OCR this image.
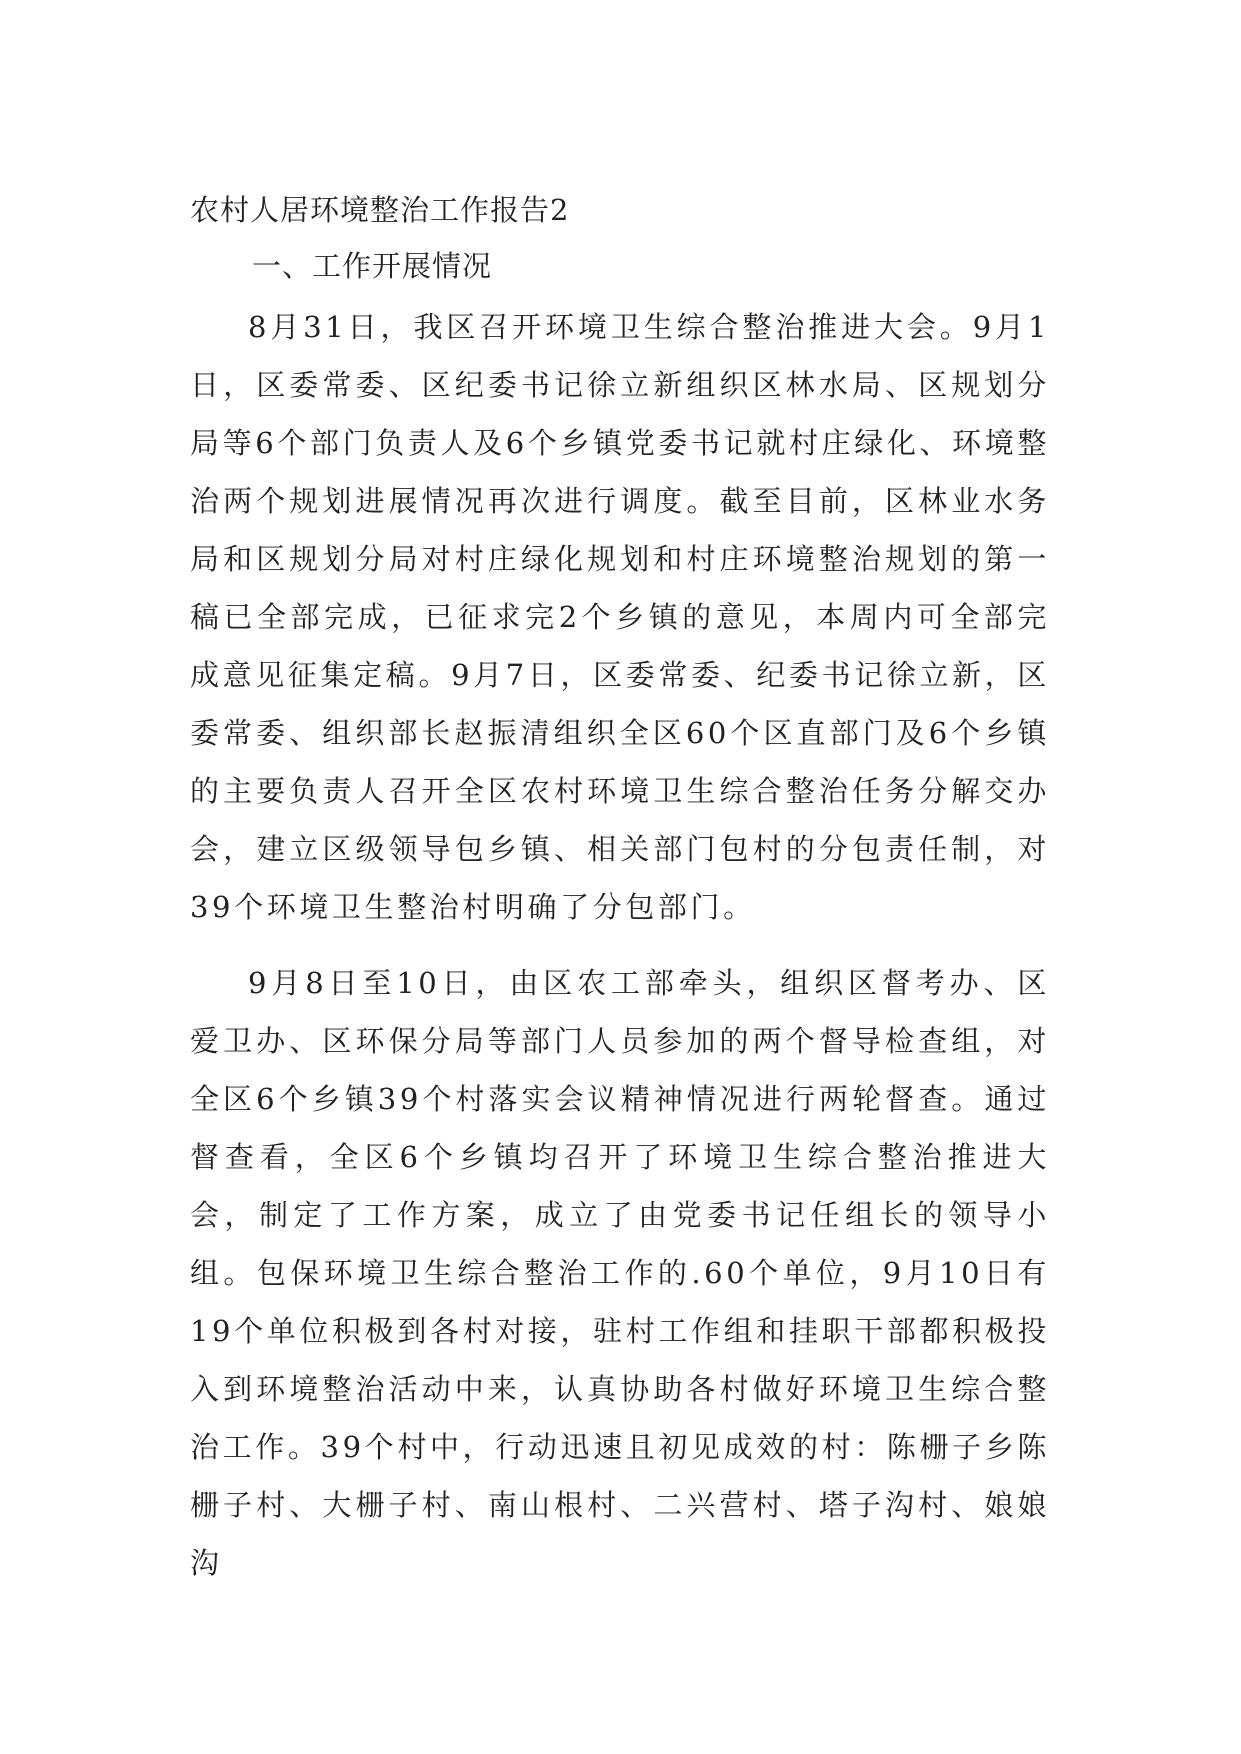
农村人居环境整治工作报告2
一、工作开展情况

8月31日，我区召开环境卫生综合整治推进大会。9月1日，区委常委、区纪委书记徐立新组织区林水局、区规划分局等6个部门负责人及6个乡镇党委书记就村庄绿化、环境整治两个规划进展情况再次进行调度。截至目前，区林业水务局和区规划分局对村庄绿化规划和村庄环境整治规划的第一稿已全部完成，已征求完2个乡镇的意见，本周内可全部完成意见征集定稿。9月7日，区委常委、纪委书记徐立新，区委常委、组织部长赵振清组织全区60个区直部门及6个乡镇的主要负责人召开全区农村环境卫生综合整治任务分解交办会，建立区级领导包乡镇、相关部门包村的分包责任制，对39个环境卫生整治村明确了分包部门。

9月8日至10日，由区农工部牵头，组织区督考办、区爱卫办、区环保分局等部门人员参加的两个督导检查组，对全区6个乡镇39个村落实会议精神情况进行两轮督查。通过督查看，全区6个乡镇均召开了环境卫生综合整治推进大会，制定了工作方案，成立了由党委书记任组长的领导小组。包保环境卫生综合整治工作的.60个单位，9月10日有19个单位积极到各村对接，驻村工作组和挂职干部都积极投入到环境整治活动中来，认真协助各村做好环境卫生综合整治工作。39个村中，行动迅速且初见成效的村：陈栅子乡陈栅子村、大栅子村、南山根村、二兴营村、塔子沟村、娘娘沟
